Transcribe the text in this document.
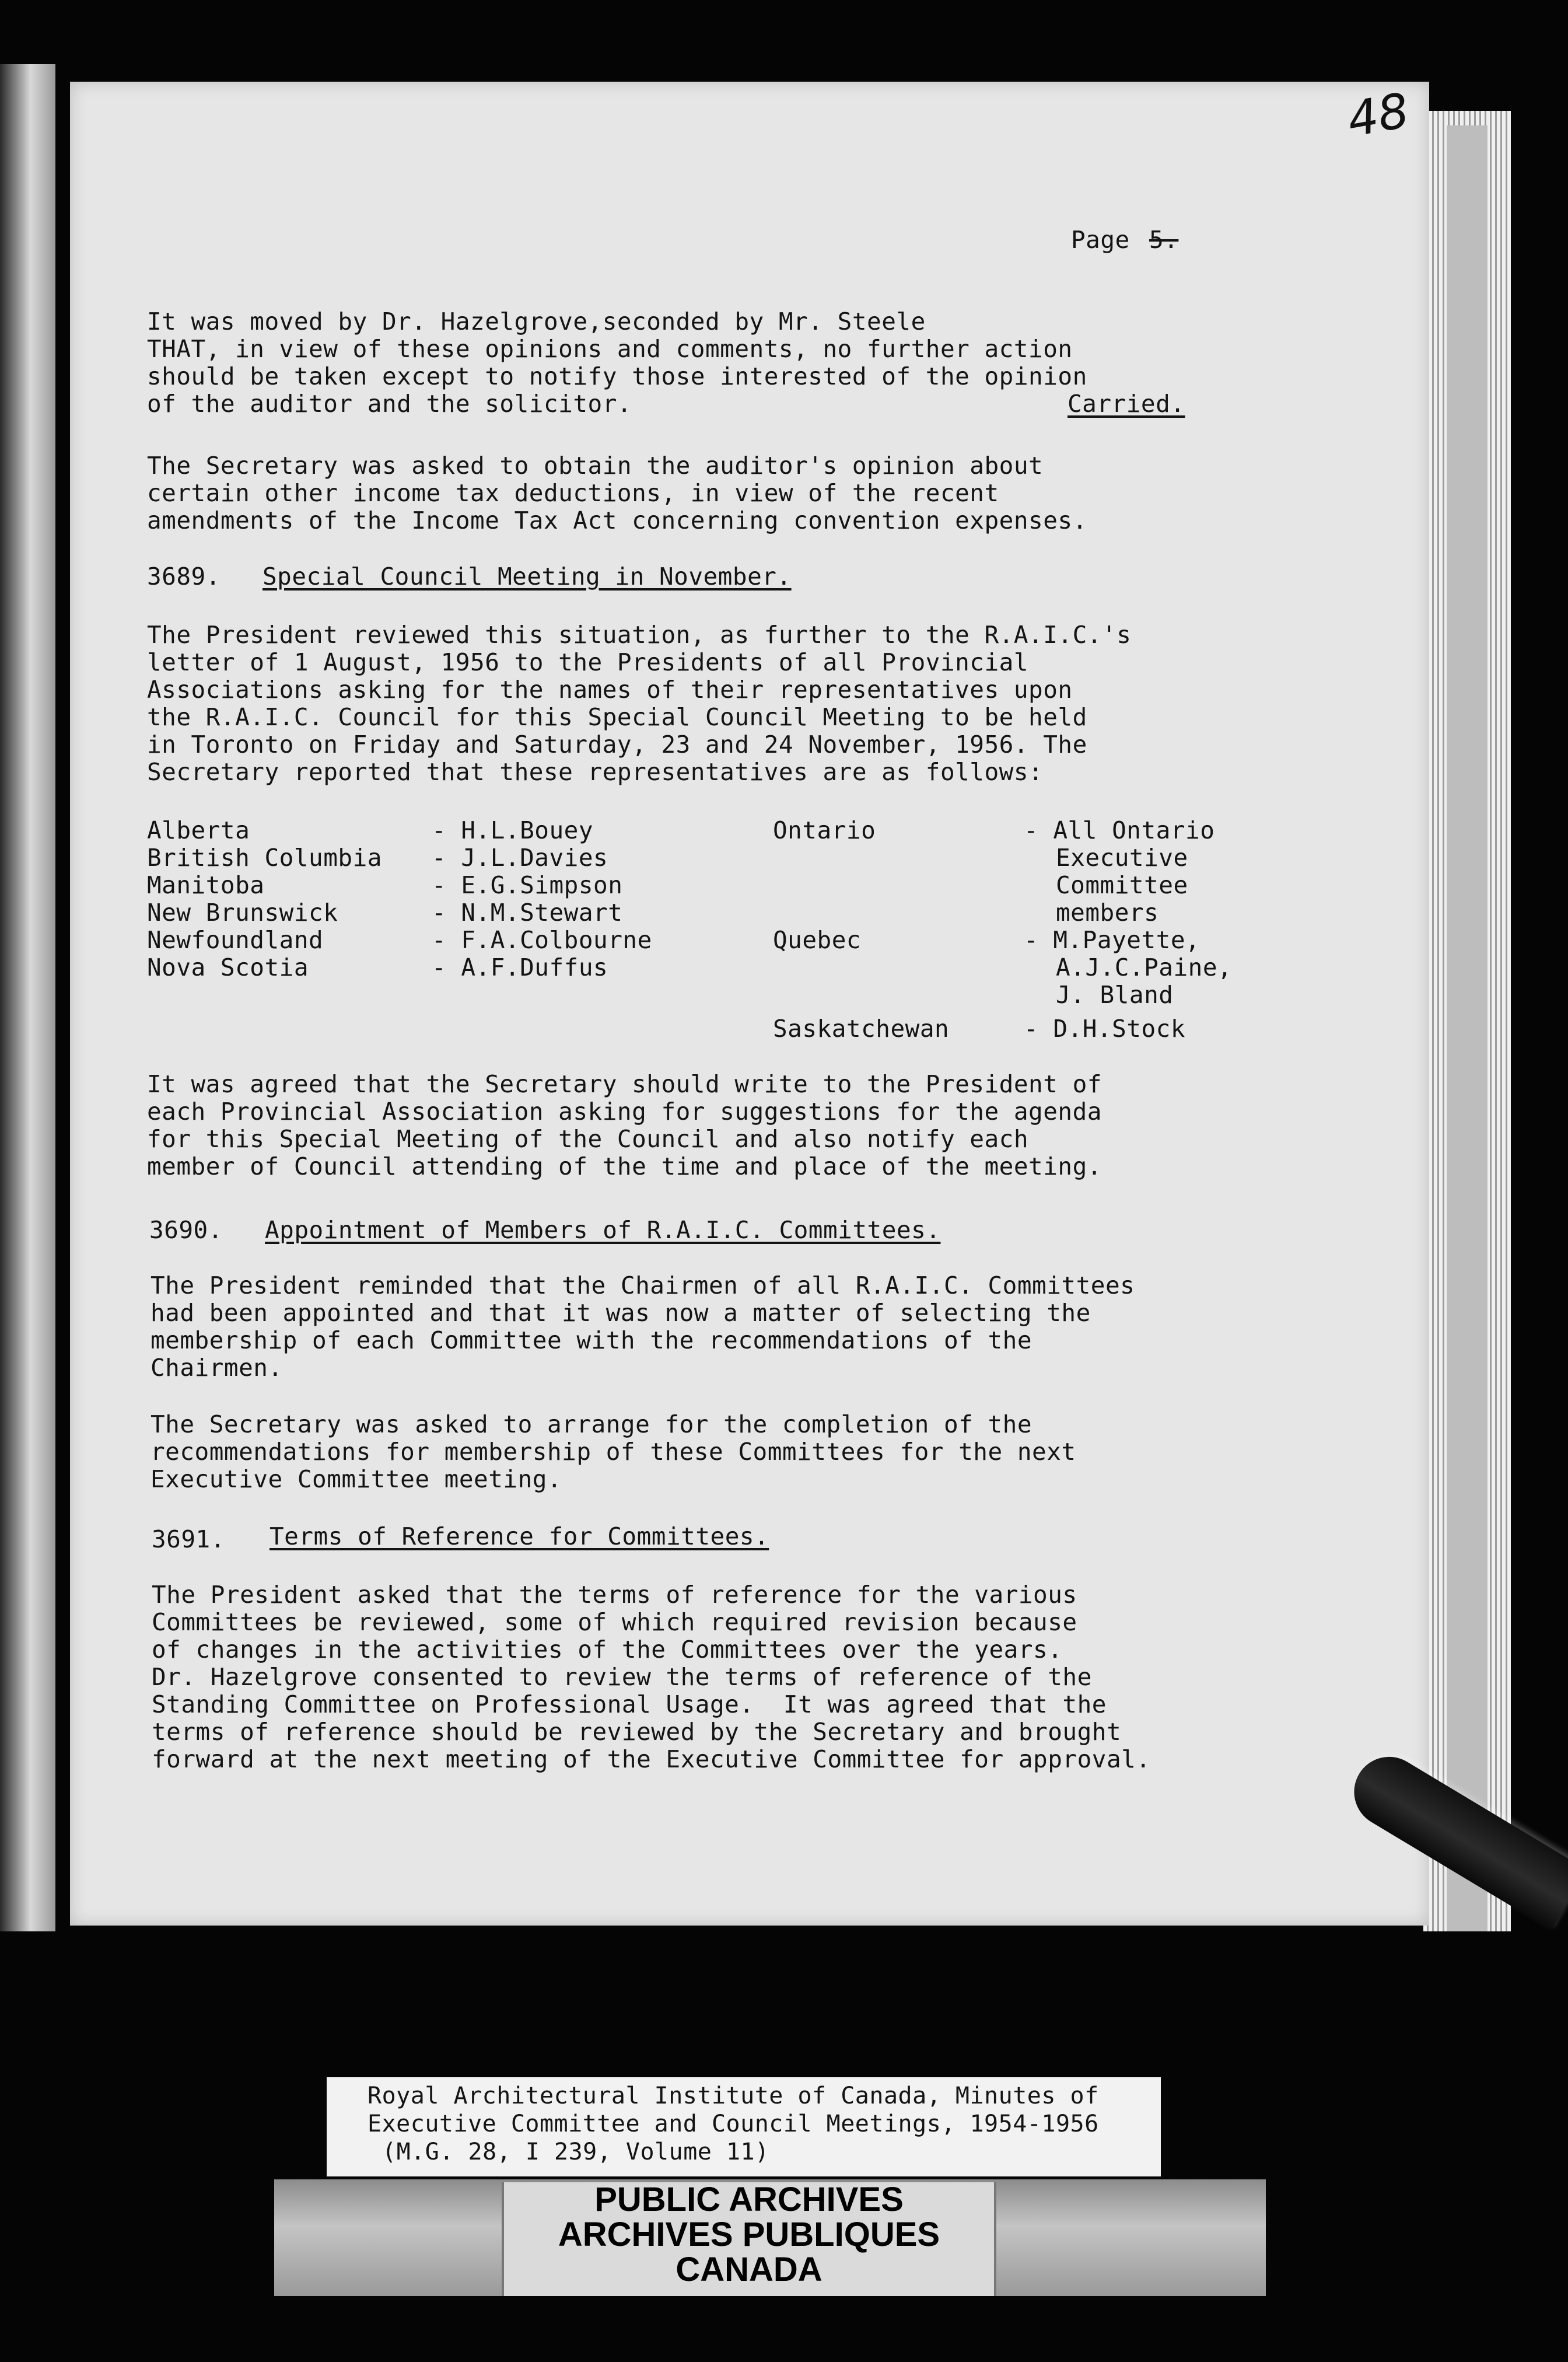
48
Page 5.
It was moved by Dr. Hazelgrove,seconded by Mr. Steele
THAT, in view of these opinions and comments, no further action
should be taken except to notify those interested of the opinion
of the auditor and the solicitor.	Carried.
The Secretary was asked to obtain the auditor's opinion about
certain other income tax deductions, in view of the recent
amendments of the Income Tax Act concerning convention expenses.
3689. Special Council Meeting in November.
The President reviewed this situation, as further to the R.A.I.C.'s
letter of 1 August, 1956 to the Presidents of all Provincial
Associations asking for the names of their representatives upon
the R.A.I.C. Council for this Special Council Meeting to be held
in Toronto on Friday and Saturday, 23 and 24 November, 1956. The
Secretary reported that these representatives are as follows:
Alberta	- H.L.Bouey
British Columbia - J.L.Davies
Manitoba	- E.G.Simpson
New Brunswick	- N.M.Stewart
Newfoundland	- F.A.Colbourne
Nova Scotia	- A.F.Duffus
Ontario	- All Ontario
Executive
Committee
members
Quebec	- M.Payette,
A.J.C.Paine,
J. Bland
Saskatchewan	- D.H.Stock
It was agreed that the Secretary should write to the President of
each Provincial Association asking for suggestions for the agenda
for this Special Meeting of the Council and also notify each
member of Council attending of the time and place of the meeting.
3690. Appointment of Members of R.A.I.C. Committees.
The President reminded that the Chairmen of all R.A.I.C. Committees
had been appointed and that it was now a matter of selecting the
membership of each Committee with the recommendations of the
Chairmen.
The Secretary was asked to arrange for the completion of the
recommendations for membership of these Committees for the next
Executive Committee meeting.
3691. Terms of Reference for Committees.
The President asked that the terms of reference for the various
Committees be reviewed, some of which required revision because
of changes in the activities of the Committees over the years.
Dr. Hazelgrove consented to review the terms of reference of the
Standing Committee on Professional Usage.  It was agreed that the
terms of reference should be reviewed by the Secretary and brought
forward at the next meeting of the Executive Committee for approval.
Royal Architectural Institute of Canada, Minutes of
Executive Committee and Council Meetings, 1954-1956
(M.G. 28, I 239, Volume 11)
PUBLIC ARCHIVES
ARCHIVES PUBLIQUES
CANADA
